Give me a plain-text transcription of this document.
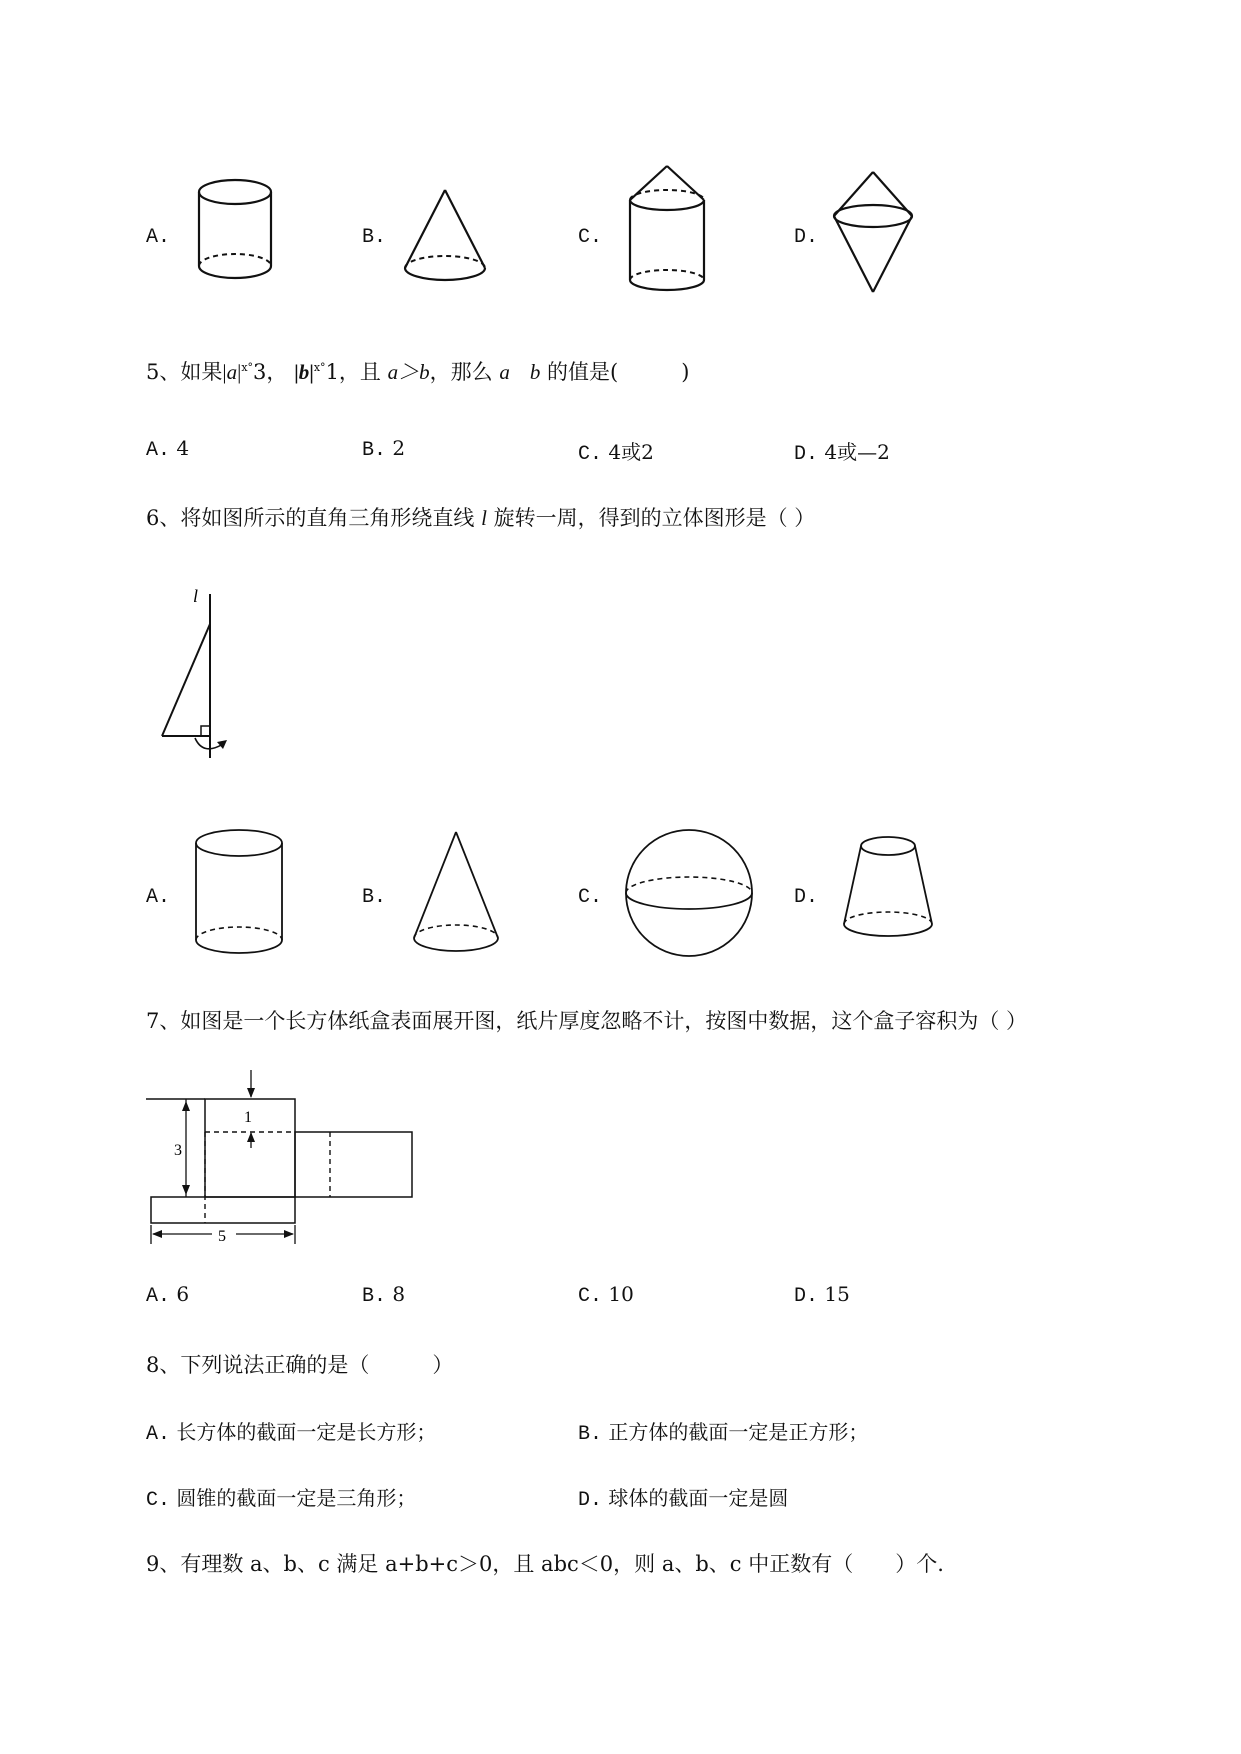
A.	B.	C.	D.
5、如果$|a|^{x^\circ}3$， $|b|^{x^\circ}1$，且 a＞b，那么 a b 的值是(　　　)
A. 4	B. 2	C. 4或2	D. 4或—2
6、将如图所示的直角三角形绕直线 l 旋转一周，得到的立体图形是（ ）
l
A.	B.	C.	D.
7、如图是一个长方体纸盒表面展开图，纸片厚度忽略不计，按图中数据，这个盒子容积为（ ）
3
1
5
A. 6	B. 8	C. 10	D. 15
8、下列说法正确的是（　　　）
A. 长方体的截面一定是长方形；	B. 正方体的截面一定是正方形；
C. 圆锥的截面一定是三角形；	D. 球体的截面一定是圆
9、有理数 a、b、c 满足 a+b+c＞0，且 abc＜0，则 a、b、c 中正数有（　　）个.
